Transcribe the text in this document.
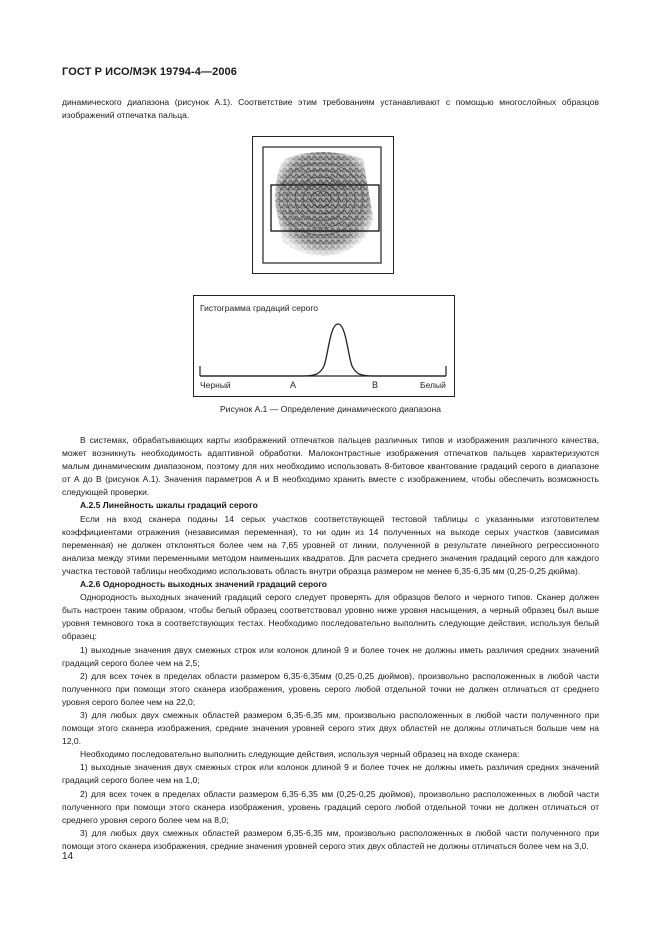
ГОСТ Р ИСО/МЭК 19794-4—2006

динамического диапазона (рисунок А.1). Соответствие этим требованиям устанавливают с помощью многослойных образцов изображений отпечатка пальца.

Гистограмма градаций серого
Черный	А	В	Белый
Рисунок А.1 — Определение динамического диапазона

В системах, обрабатывающих карты изображений отпечатков пальцев различных типов и изображения различного качества, может возникнуть необходимость адаптивной обработки. Малоконтрастные изображения отпечатков пальцев характеризуются малым динамическим диапазоном, поэтому для них необходимо использовать 8-битовое квантование градаций серого в диапазоне от А до В (рисунок А.1). Значения параметров А и В необходимо хранить вместе с изображением, чтобы обеспечить возможность следующей проверки.

А.2.5 Линейность шкалы градаций серого

Если на вход сканера поданы 14 серых участков соответствующей тестовой таблицы с указанными изготовителем коэффициентами отражения (независимая переменная), то ни один из 14 полученных на выходе серых участков (зависимая переменная) не должен отклоняться более чем на 7,65 уровней от линии, полученной в результате линейного регрессионного анализа между этими переменными методом наименьших квадратов. Для расчета среднего значения градаций серого для каждого участка тестовой таблицы необходимо использовать область внутри образца размером не менее 6,35·6,35 мм (0,25·0,25 дюйма).

А.2.6 Однородность выходных значений градаций серого

Однородность выходных значений градаций серого следует проверять для образцов белого и черного типов. Сканер должен быть настроен таким образом, чтобы белый образец соответствовал уровню ниже уровня насыщения, а черный образец был выше уровня темнового тока в соответствующих тестах. Необходимо последовательно выполнить следующие действия, используя белый образец:

1) выходные значения двух смежных строк или колонок длиной 9 и более точек не должны иметь различия средних значений градаций серого более чем на 2,5;

2) для всех точек в пределах области размером 6,35·6,35мм (0,25·0,25 дюймов), произвольно расположенных в любой части полученного при помощи этого сканера изображения, уровень серого любой отдельной точки не должен отличаться от среднего уровня серого более чем на 22,0;

3) для любых двух смежных областей размером 6,35·6,35 мм, произвольно расположенных в любой части полученного при помощи этого сканера изображения, средние значения уровней серого этих двух областей не должны отличаться больше чем на 12,0.

Необходимо последовательно выполнить следующие действия, используя черный образец на входе сканера:

1) выходные значения двух смежных строк или колонок длиной 9 и более точек не должны иметь различия средних значений градаций серого более чем на 1,0;

2) для всех точек в пределах области размером 6,35·6,35 мм (0,25·0,25 дюймов), произвольно расположенных в любой части полученного при помощи этого сканера изображения, уровень градаций серого любой отдельной точки не должен отличаться от среднего уровня серого более чем на 8,0;

3) для любых двух смежных областей размером 6,35·6,35 мм, произвольно расположенных в любой части полученного при помощи этого сканера изображения, средние значения уровней серого этих двух областей не должны отличаться более чем на 3,0.

14
